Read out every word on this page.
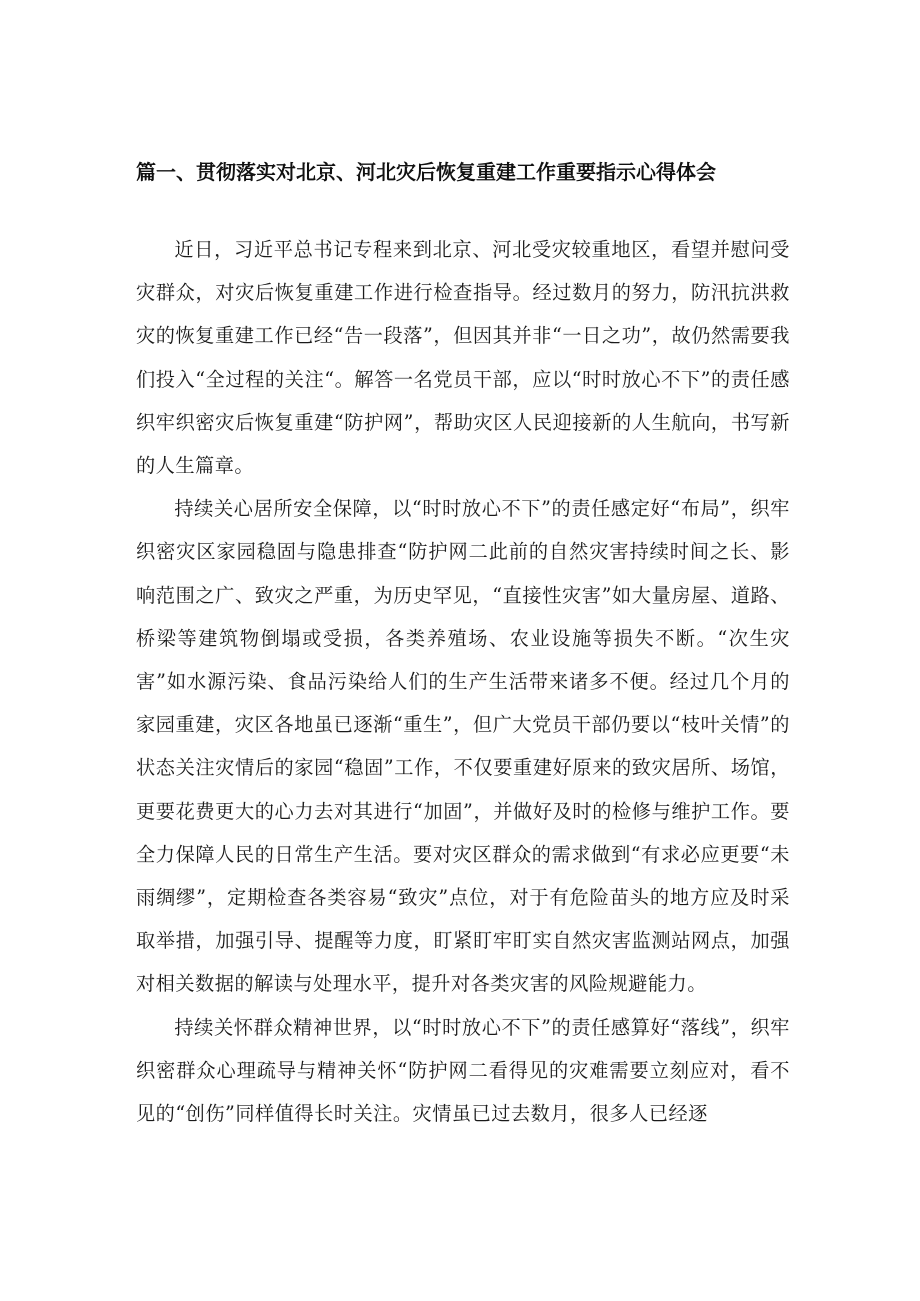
篇一、贯彻落实对北京、河北灾后恢复重建工作重要指示心得体会

近日，习近平总书记专程来到北京、河北受灾较重地区，看望并慰问受灾群众，对灾后恢复重建工作进行检查指导。经过数月的努力，防汛抗洪救灾的恢复重建工作已经“告一段落”，但因其并非“一日之功”，故仍然需要我们投入“全过程的关注“。解答一名党员干部，应以“时时放心不下”的责任感织牢织密灾后恢复重建“防护网”，帮助灾区人民迎接新的人生航向，书写新的人生篇章。

持续关心居所安全保障，以“时时放心不下”的责任感定好“布局”，织牢织密灾区家园稳固与隐患排查“防护网二此前的自然灾害持续时间之长、影响范围之广、致灾之严重，为历史罕见，“直接性灾害”如大量房屋、道路、桥梁等建筑物倒塌或受损，各类养殖场、农业设施等损失不断。“次生灾害”如水源污染、食品污染给人们的生产生活带来诸多不便。经过几个月的家园重建，灾区各地虽已逐渐“重生”，但广大党员干部仍要以“枝叶关情”的状态关注灾情后的家园“稳固”工作，不仅要重建好原来的致灾居所、场馆，更要花费更大的心力去对其进行“加固”，并做好及时的检修与维护工作。要全力保障人民的日常生产生活。要对灾区群众的需求做到“有求必应更要“未雨绸缪”，定期检查各类容易“致灾”点位，对于有危险苗头的地方应及时采取举措，加强引导、提醒等力度，盯紧盯牢盯实自然灾害监测站网点，加强对相关数据的解读与处理水平，提升对各类灾害的风险规避能力。

持续关怀群众精神世界，以“时时放心不下”的责任感算好“落线”，织牢织密群众心理疏导与精神关怀“防护网二看得见的灾难需要立刻应对，看不见的“创伤”同样值得长时关注。灾情虽已过去数月，很多人已经逐
